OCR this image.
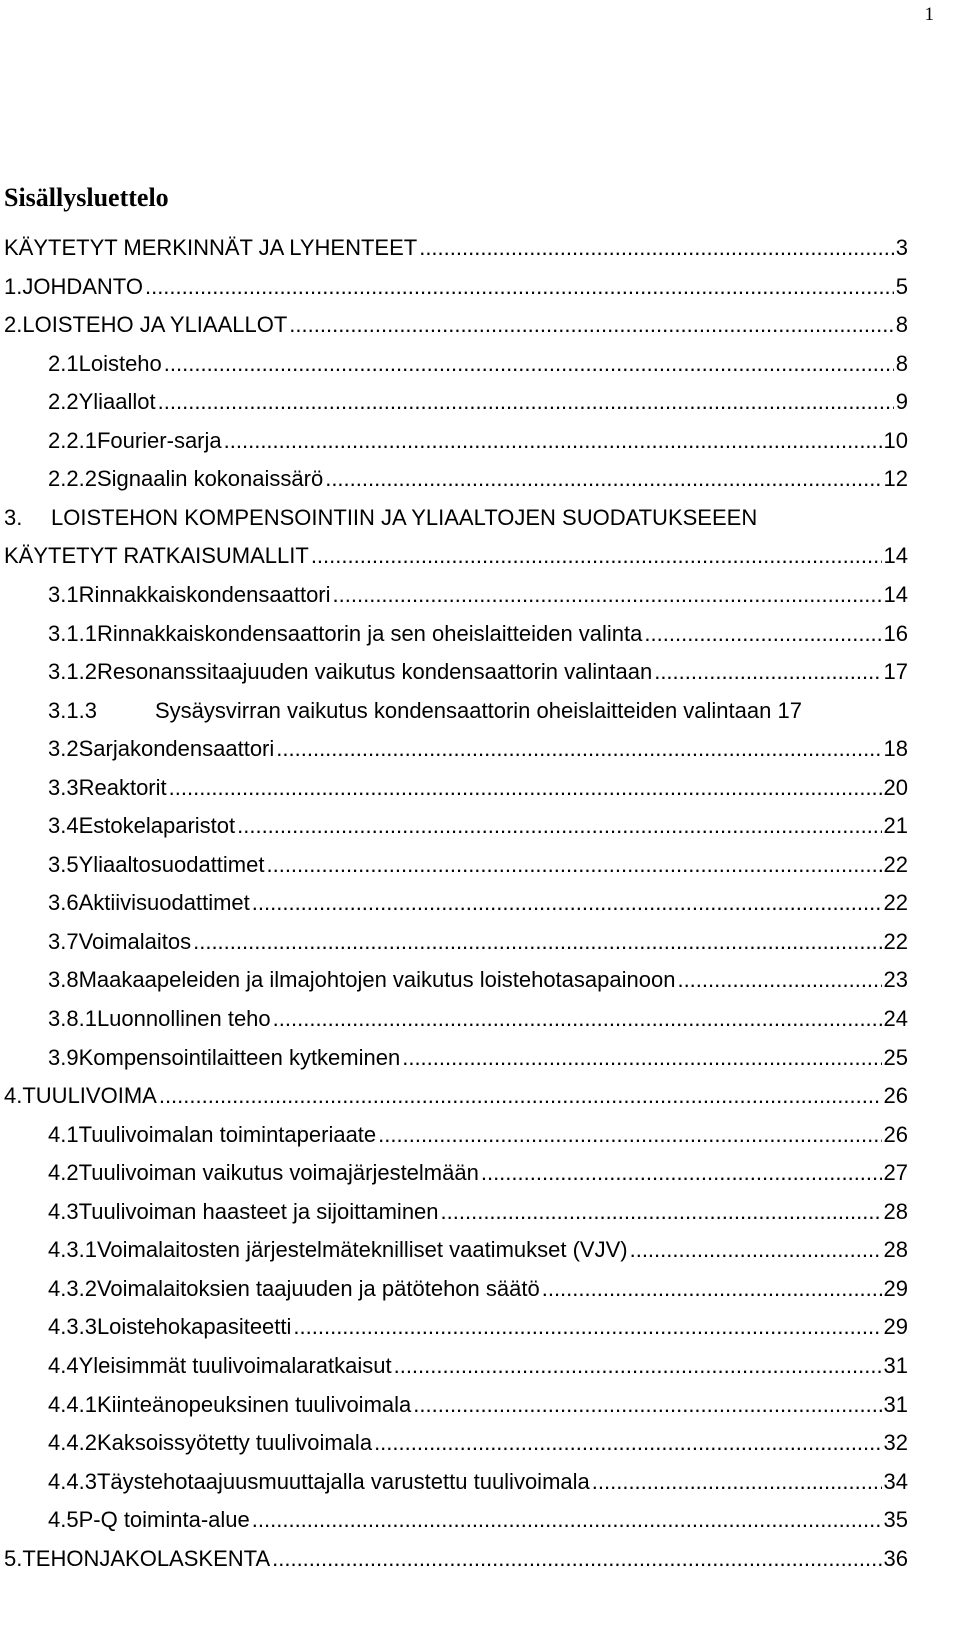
1
Sisällysluettelo
KÄYTETYT MERKINNÄT JA LYHENTEET .....	3
1. JOHDANTO .....	5
2. LOISTEHO JA YLIAALLOT .....	8
2.1 Loisteho .....	8
2.2 Yliaallot .....	9
2.2.1 Fourier-sarja .....	10
2.2.2 Signaalin kokonaissärö .....	12
3.	LOISTEHON KOMPENSOINTIIN JA YLIAALTOJEN SUODATUKSEEEN
KÄYTETYT RATKAISUMALLIT .....	14
3.1 Rinnakkaiskondensaattori .....	14
3.1.1 Rinnakkaiskondensaattorin ja sen oheislaitteiden valinta .....	16
3.1.2 Resonanssitaajuuden vaikutus kondensaattorin valintaan .....	17
3.1.3	Sysäysvirran vaikutus kondensaattorin oheislaitteiden valintaan 17
3.2 Sarjakondensaattori .....	18
3.3 Reaktorit .....	20
3.4 Estokelaparistot .....	21
3.5 Yliaaltosuodattimet .....	22
3.6 Aktiivisuodattimet .....	22
3.7 Voimalaitos .....	22
3.8 Maakaapeleiden ja ilmajohtojen vaikutus loistehotasapainoon .....	23
3.8.1 Luonnollinen teho .....	24
3.9 Kompensointilaitteen kytkeminen .....	25
4. TUULIVOIMA .....	26
4.1 Tuulivoimalan toimintaperiaate .....	26
4.2 Tuulivoiman vaikutus voimajärjestelmään .....	27
4.3 Tuulivoiman haasteet ja sijoittaminen .....	28
4.3.1 Voimalaitosten järjestelmäteknilliset vaatimukset (VJV) .....	28
4.3.2 Voimalaitoksien taajuuden ja pätötehon säätö .....	29
4.3.3 Loistehokapasiteetti .....	29
4.4 Yleisimmät tuulivoimalaratkaisut .....	31
4.4.1 Kiinteänopeuksinen tuulivoimala .....	31
4.4.2 Kaksoissyötetty tuulivoimala .....	32
4.4.3 Täystehotaajuusmuuttajalla varustettu tuulivoimala .....	34
4.5 P-Q toiminta-alue .....	35
5. TEHONJAKOLASKENTA .....	36
